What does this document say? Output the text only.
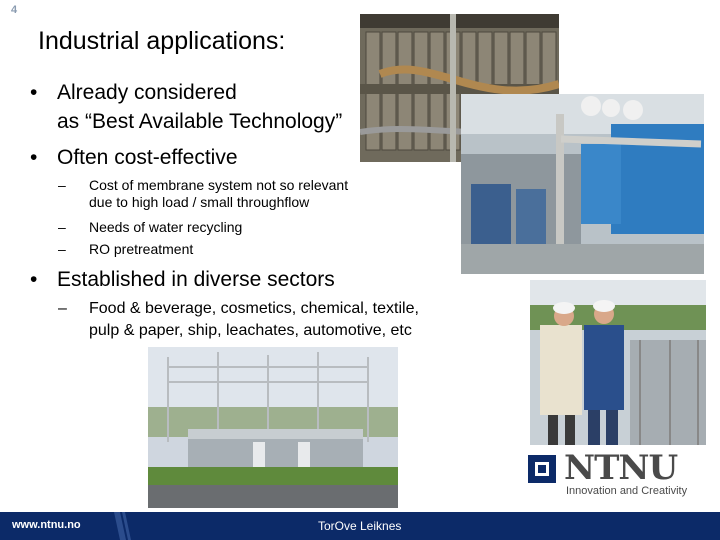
4
Industrial applications:
• Already considered
as “Best Available Technology”
• Often cost-effective
– Cost of membrane system not so relevant
due to high load / small throughflow
– Needs of water recycling
– RO pretreatment
• Established in diverse sectors
– Food & beverage, cosmetics, chemical, textile,
pulp & paper, ship, leachates, automotive, etc
NTNU
Innovation and Creativity
www.ntnu.no	TorOve Leiknes
